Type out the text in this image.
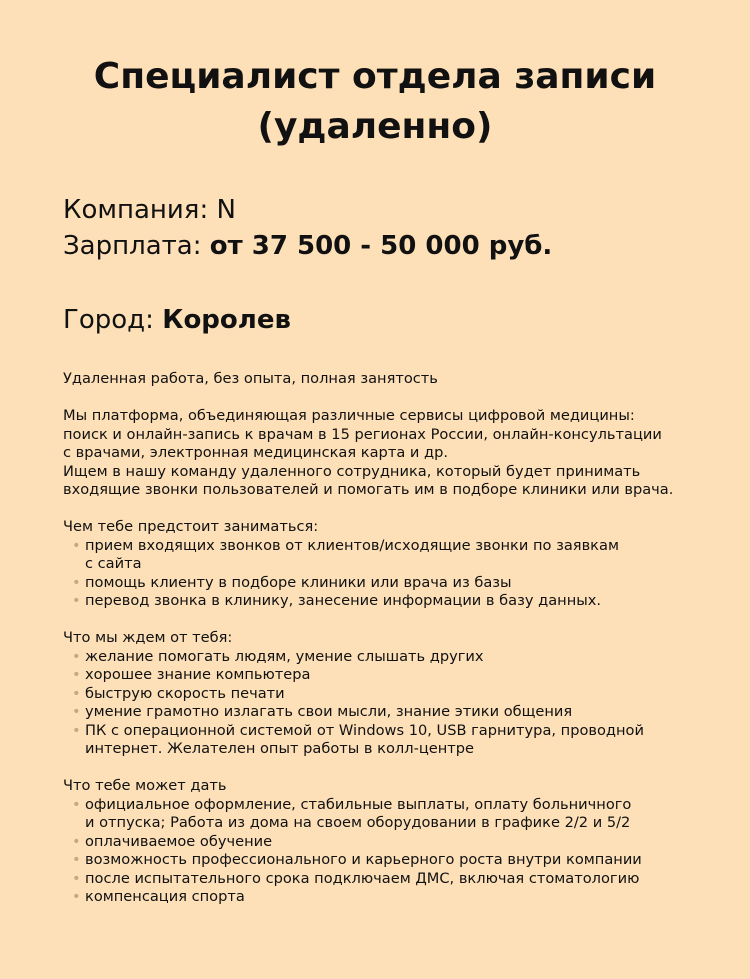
Специалист отдела записи (удаленно)
Компания: N
Зарплата: от 37 500 - 50 000 руб.
Город: Королев

Удаленная работа, без опыта, полная занятость

Мы платформа, объединяющая различные сервисы цифровой медицины:
поиск и онлайн-запись к врачам в 15 регионах России, онлайн-консультации
с врачами, электронная медицинская карта и др.
Ищем в нашу команду удаленного сотрудника, который будет принимать
входящие звонки пользователей и помогать им в подборе клиники или врача.

Чем тебе предстоит заниматься:

• прием входящих звонков от клиентов/исходящие звонки по заявкам
с сайта

• помощь клиенту в подборе клиники или врача из базы

• перевод звонка в клинику, занесение информации в базу данных.

Что мы ждем от тебя:

• желание помогать людям, умение слышать других

• хорошее знание компьютера

• быструю скорость печати

• умение грамотно излагать свои мысли, знание этики общения

• ПК с операционной системой от Windows 10, USB гарнитура, проводной
интернет. Желателен опыт работы в колл-центре

Что тебе может дать

• официальное оформление, стабильные выплаты, оплату больничного
и отпуска; Работа из дома на своем оборудовании в графике 2/2 и 5/2

• оплачиваемое обучение

• возможность профессионального и карьерного роста внутри компании

• после испытательного срока подключаем ДМС, включая стоматологию

• компенсация спорта
